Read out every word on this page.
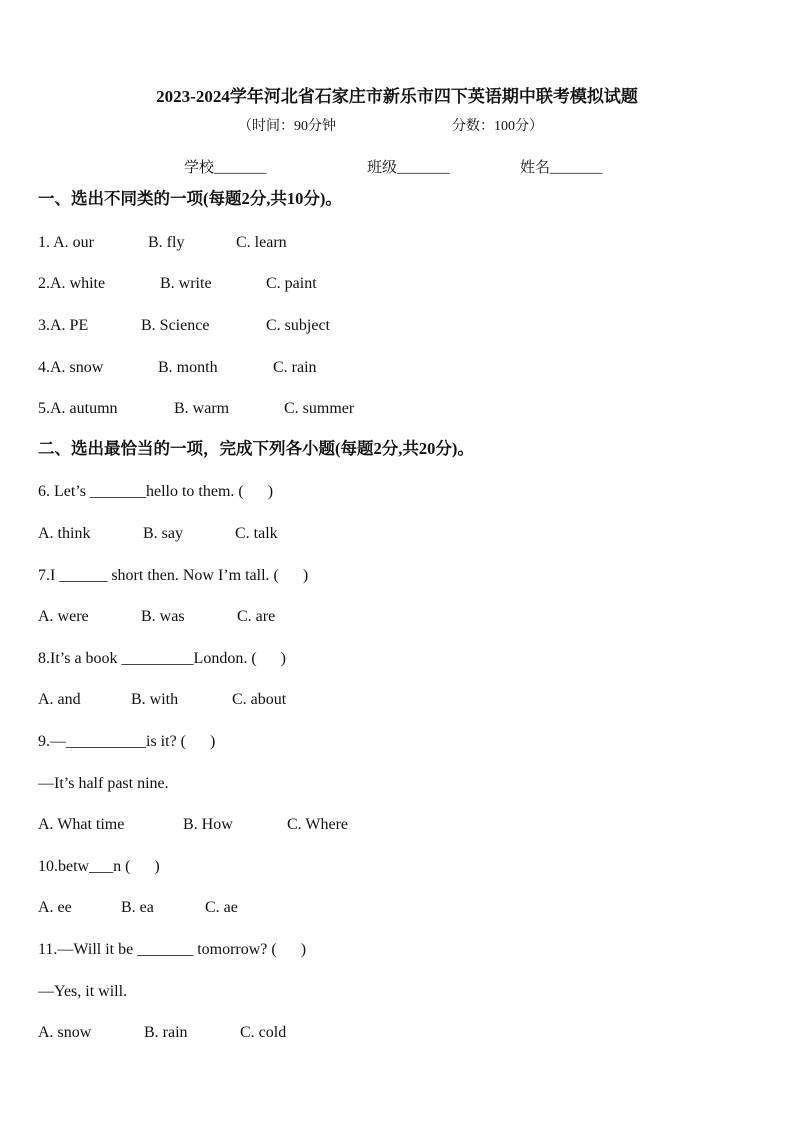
2023-2024学年河北省石家庄市新乐市四下英语期中联考模拟试题
（时间：90分钟	分数：100分）
学校_______	班级_______	姓名_______
一、选出不同类的一项(每题2分,共10分)。
1. A. our	B. fly	C. learn
2.A. white	B. write	C. paint
3.A. PE	B. Science	C. subject
4.A. snow	B. month	C. rain
5.A. autumn	B. warm	C. summer
二、选出最恰当的一项，完成下列各小题(每题2分,共20分)。
6. Let’s _______hello to them. (      )
A. think	B. say	C. talk
7.I ______ short then. Now I’m tall. (      )
A. were	B. was	C. are
8.It’s a book _________London. (      )
A. and	B. with	C. about
9.—__________is it? (      )
—It’s half past nine.
A. What time	B. How	C. Where
10.betw___n (      )
A. ee	B. ea	C. ae
11.—Will it be _______ tomorrow? (      )
—Yes, it will.
A. snow	B. rain	C. cold
